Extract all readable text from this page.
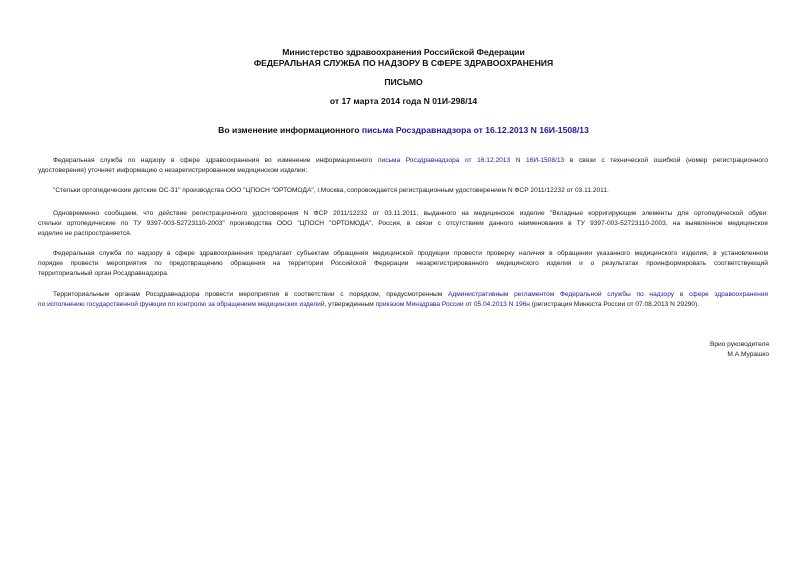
Министерство здравоохранения Российской Федерации
ФЕДЕРАЛЬНАЯ СЛУЖБА ПО НАДЗОРУ В СФЕРЕ ЗДРАВООХРАНЕНИЯ
ПИСЬМО
от 17 марта 2014 года N 01И-298/14
Во изменение информационного письма Росздравнадзора от 16.12.2013 N 16И-1508/13
Федеральная служба по надзору в сфере здравоохранения во изменение информационного письма Росздравнадзора от 16.12.2013 N 16И-1508/13 в связи с технической ошибкой (номер регистрационного
удостоверения) уточняет информацию о незарегистрированном медицинском изделии:
"Стельки ортопедические детские ОС-31" производства ООО "ЦПОСН "ОРТОМОДА", г.Москва, сопровождается регистрационным удостоверением N ФСР 2011/12232 от 03.11.2011.
Одновременно сообщаем, что действие регистрационного удостоверения N ФСР 2011/12232 от 03.11.2011, выданного на медицинское изделие "Вкладные корригирующие элементы для ортопедической обуви:
стельки ортопедические по ТУ 9397-003-52723110-2003" производства ООО "ЦПОСН "ОРТОМОДА", Россия, в связи с отсутствием данного наименования в ТУ 9397-003-52723110-2003, на выявленное медицинское
изделие не распространяется.
Федеральная служба по надзору в сфере здравоохранения предлагает субъектам обращения медицинской продукции провести проверку наличия в обращении указанного медицинского изделия, в установленном
порядке провести мероприятия по предотвращению обращения на территории Российской Федерации незарегистрированного медицинского изделия и о результатах проинформировать соответствующий
территориальный орган Росздравнадзора.
Территориальным органам Росздравнадзора провести мероприятия в соответствии с порядком, предусмотренным Административным регламентом Федеральной службы по надзору в сфере здравоохранения
по исполнению государственной функции по контролю за обращением медицинских изделий, утвержденным приказом Минздрава России от 05.04.2013 N 196н (регистрация Минюста России от 07.08.2013 N 29290).
Врио руководителя
М.А.Мурашко
